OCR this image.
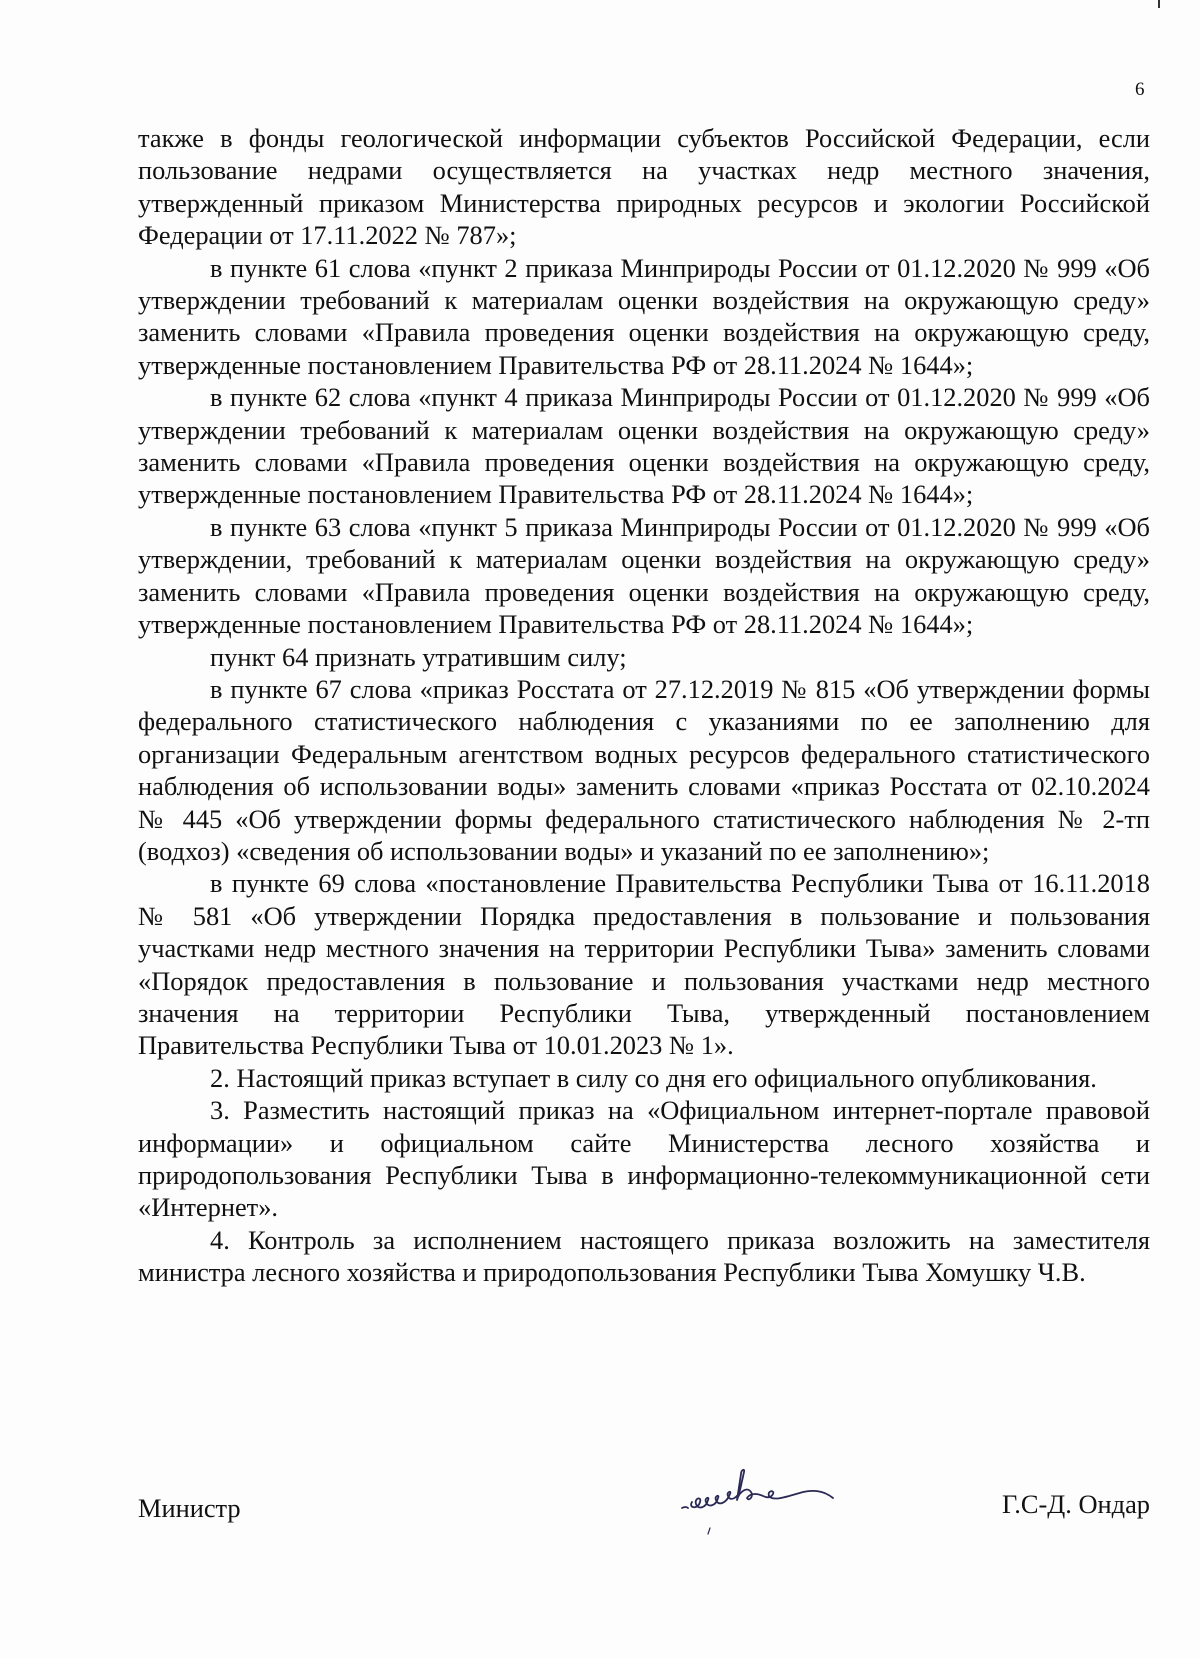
6

также в фонды геологической информации субъектов Российской Федерации, если пользование недрами осуществляется на участках недр местного значения, утвержденный приказом Министерства природных ресурсов и экологии Российской Федерации от 17.11.2022 № 787»;

в пункте 61 слова «пункт 2 приказа Минприроды России от 01.12.2020 № 999 «Об утверждении требований к материалам оценки воздействия на окружающую среду» заменить словами «Правила проведения оценки воздействия на окружающую среду, утвержденные постановлением Правительства РФ от 28.11.2024 № 1644»;

в пункте 62 слова «пункт 4 приказа Минприроды России от 01.12.2020 № 999 «Об утверждении требований к материалам оценки воздействия на окружающую среду» заменить словами «Правила проведения оценки воздействия на окружающую среду, утвержденные постановлением Правительства РФ от 28.11.2024 № 1644»;

в пункте 63 слова «пункт 5 приказа Минприроды России от 01.12.2020 № 999 «Об утверждении, требований к материалам оценки воздействия на окружающую среду» заменить словами «Правила проведения оценки воздействия на окружающую среду, утвержденные постановлением Правительства РФ от 28.11.2024 № 1644»;

пункт 64 признать утратившим силу;

в пункте 67 слова «приказ Росстата от 27.12.2019 № 815 «Об утверждении формы федерального статистического наблюдения с указаниями по ее заполнению для организации Федеральным агентством водных ресурсов федерального статистического наблюдения об использовании воды» заменить словами «приказ Росстата от 02.10.2024 № 445 «Об утверждении формы федерального статистического наблюдения № 2-тп (водхоз) «сведения об использовании воды» и указаний по ее заполнению»;

в пункте 69 слова «постановление Правительства Республики Тыва от 16.11.2018 № 581 «Об утверждении Порядка предоставления в пользование и пользования участками недр местного значения на территории Республики Тыва» заменить словами «Порядок предоставления в пользование и пользования участками недр местного значения на территории Республики Тыва, утвержденный постановлением Правительства Республики Тыва от 10.01.2023 № 1».

2. Настоящий приказ вступает в силу со дня его официального опубликования.

3. Разместить настоящий приказ на «Официальном интернет-портале правовой информации» и официальном сайте Министерства лесного хозяйства и природопользования Республики Тыва в информационно-телекоммуникационной сети «Интернет».

4. Контроль за исполнением настоящего приказа возложить на заместителя министра лесного хозяйства и природопользования Республики Тыва Хомушку Ч.В.

Министр	Г.С-Д. Ондар
